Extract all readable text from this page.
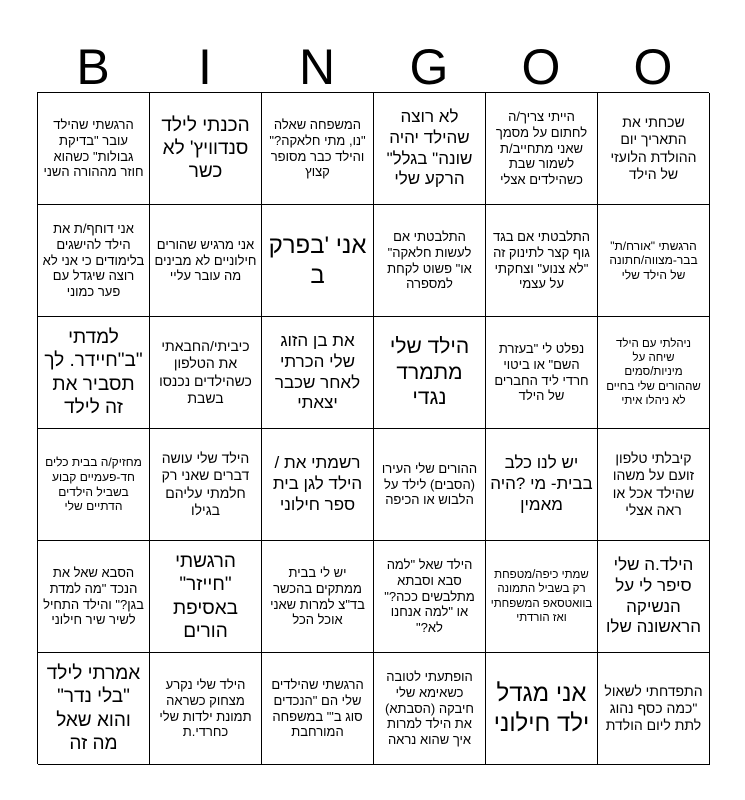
B	I	N	G	O	O
הרגשתי שהילד עובר "בדיקת גבולות" כשהוא חוזר מההורה השני
הכנתי לילד סנדוויץ' לא כשר
המשפחה שאלה "נו, מתי חלאקה?" והילד כבר מסופר קצוץ
לא רוצה שהילד יהיה שונה" בגלל" הרקע שלי
הייתי צריך/ה לחתום על מסמך שאני מתחייב/ת לשמור שבת כשהילדים אצלי
שכחתי את התאריך יום ההולדת הלועזי של הילד
אני דוחף/ת את הילד להישגים בלימודים כי אני לא רוצה שיגדל עם פער כמוני
אני מרגיש שהורים חילוניים לא מבינים מה עובר עליי
אני 'בפרק ב
התלבטתי אם לעשות חלאקה" או" פשוט לקחת למספרה
התלבטתי אם בגד גוף קצר לתינוק זה "לא צנוע" וצחקתי על עצמי
הרגשתי "אורח/ת" בבר-מצווה/חתונה של הילד שלי
למדתי "ב"חיידר. לך תסביר את זה לילד
כיביתי/החבאתי את הטלפון כשהילדים נכנסו בשבת
את בן הזוג שלי הכרתי לאחר שכבר יצאתי
הילד שלי מתמרד נגדי
נפלט לי "בעזרת השם" או ביטוי חרדי ליד החברים של הילד
ניהלתי עם הילד שיחה על מיניות/סמים שההורים שלי בחיים לא ניהלו איתי
מחזיק/ה בבית כלים חד-פעמיים קבוע בשביל הילדים הדתיים שלי
הילד שלי עושה דברים שאני רק חלמתי עליהם בגילו
רשמתי את / הילד לגן בית ספר חילוני
ההורים שלי העירו (הסבים) לילד על הלבוש או הכיפה
יש לנו כלב בבית- מי ?היה מאמין
קיבלתי טלפון זועם על משהו שהילד אכל או ראה אצלי
הסבא שאל את הנכד "מה למדת בגן?" והילד התחיל לשיר שיר חילוני
הרגשתי "חייזר" באסיפת הורים
יש לי בבית ממתקים בהכשר בד"צ למרות שאני אוכל הכל
הילד שאל "למה סבא וסבתא מתלבשים ככה?" או "למה אנחנו לא?"
שמתי כיפה/מטפחת רק בשביל התמונה בוואטסאפ המשפחתי ואז הורדתי
הילד.ה שלי סיפר לי על הנשיקה הראשונה שלו
אמרתי לילד "בלי נדר" והוא שאל מה זה
הילד שלי נקרע מצחוק כשראה תמונת ילדות שלי כחרדי.ת
הרגשתי שהילדים שלי הם "הנכדים סוג ב'" במשפחה המורחבת
הופתעתי לטובה כשאימא שלי חיבקה (הסבתא) את הילד למרות איך שהוא נראה
אני מגדל ילד חילוני
התפדחתי לשאול "כמה כסף נהוג לתת ליום הולדת
